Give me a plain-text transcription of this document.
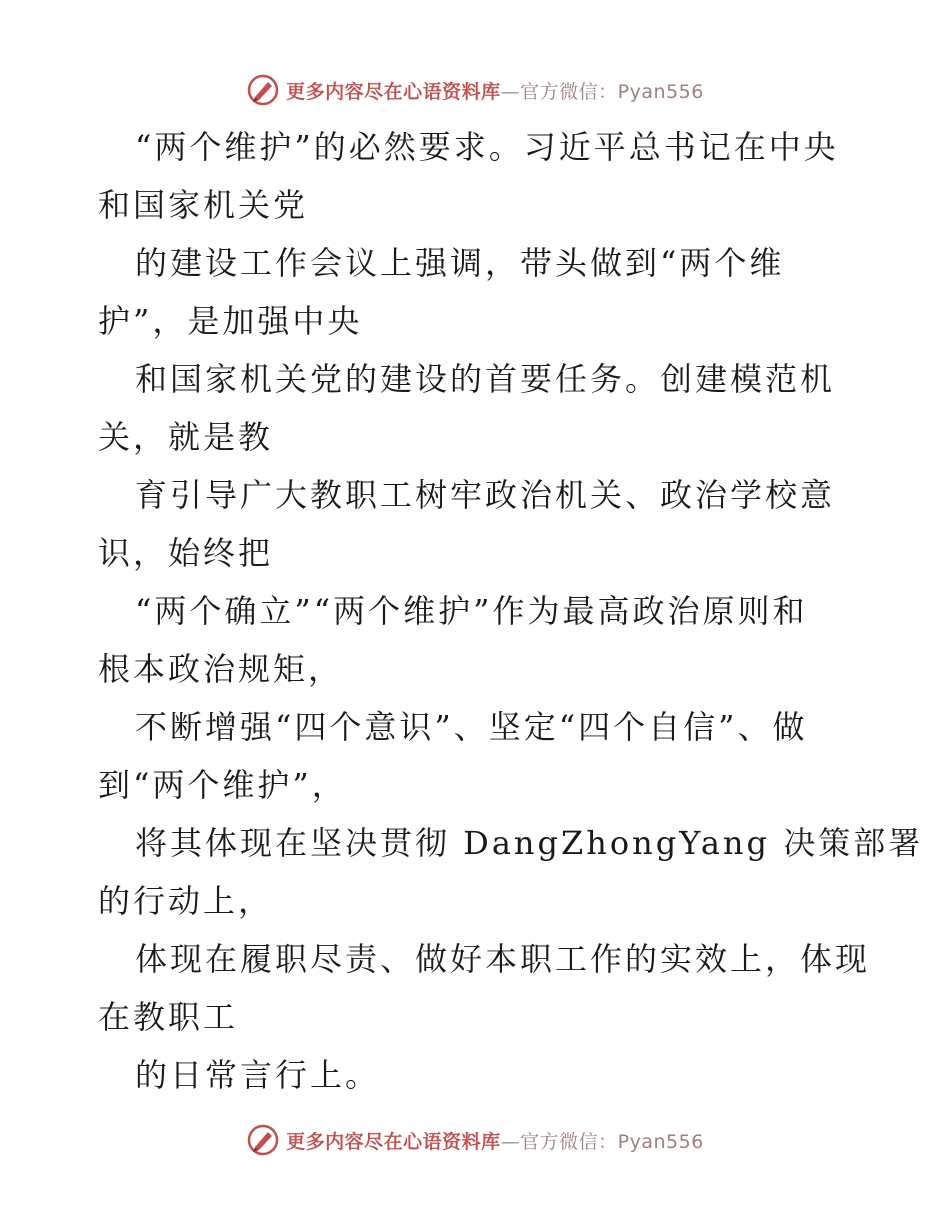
更多内容尽在心语资料库—官方微信：Pyan556
“两个维护”的必然要求。习近平总书记在中央
和国家机关党
的建设工作会议上强调，带头做到“两个维
护”，是加强中央
和国家机关党的建设的首要任务。创建模范机
关，就是教
育引导广大教职工树牢政治机关、政治学校意
识，始终把
“两个确立”“两个维护”作为最高政治原则和
根本政治规矩，
不断增强“四个意识”、坚定“四个自信”、做
到“两个维护”，
将其体现在坚决贯彻 DangZhongYang 决策部署
的行动上，
体现在履职尽责、做好本职工作的实效上，体现
在教职工
的日常言行上。
更多内容尽在心语资料库—官方微信：Pyan556
